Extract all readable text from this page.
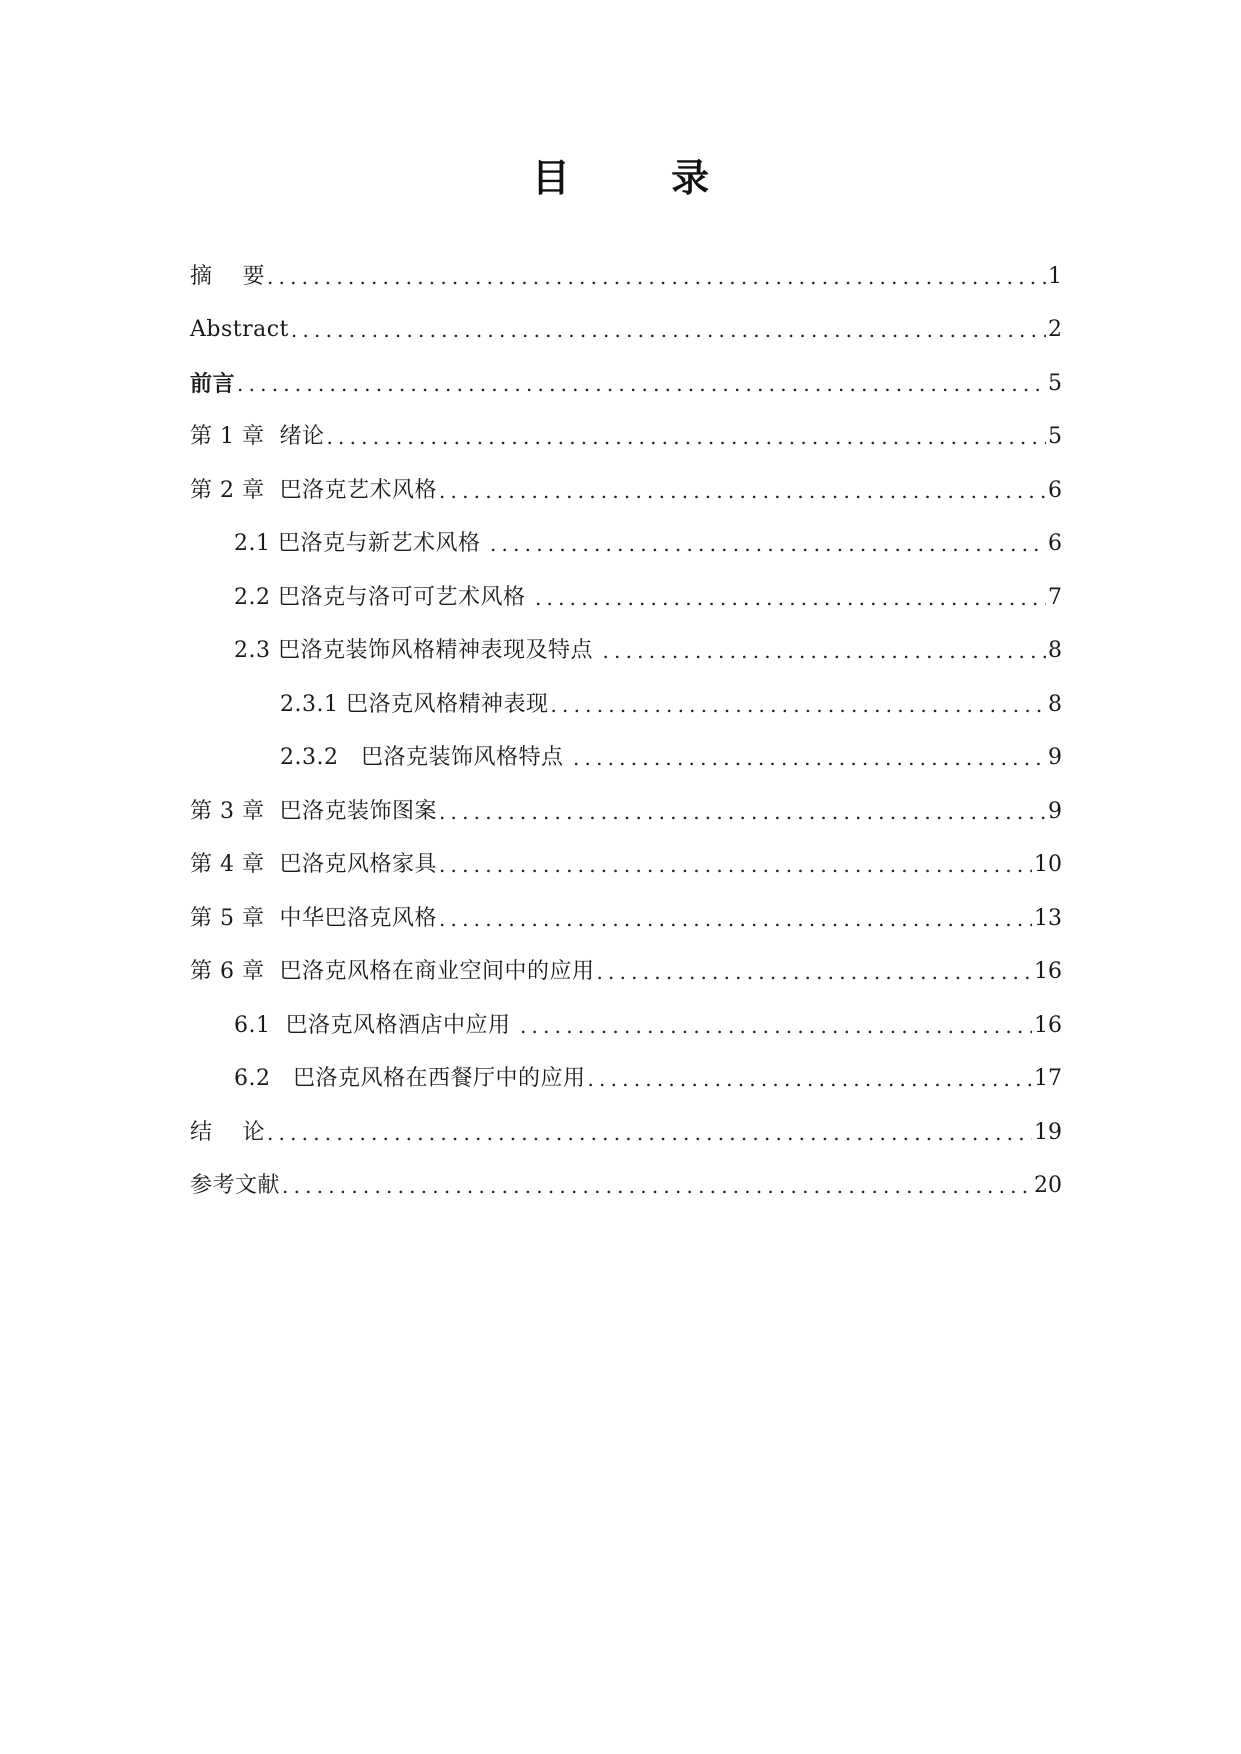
目 录
摘    要 .....	1
Abstract .....	2
前言 .....	5
第 1 章  绪论 .....	5
第 2 章  巴洛克艺术风格 .....	6
2.1 巴洛克与新艺术风格 .....	6
2.2 巴洛克与洛可可艺术风格 .....	7
2.3 巴洛克装饰风格精神表现及特点 .....	8
2.3.1 巴洛克风格精神表现 .....	8
2.3.2   巴洛克装饰风格特点 .....	9
第 3 章  巴洛克装饰图案 .....	9
第 4 章  巴洛克风格家具 .....	10
第 5 章  中华巴洛克风格 .....	13
第 6 章  巴洛克风格在商业空间中的应用 .....	16
6.1  巴洛克风格酒店中应用 .....	16
6.2   巴洛克风格在西餐厅中的应用 .....	17
结    论 .....	19
参考文献 .....	20
